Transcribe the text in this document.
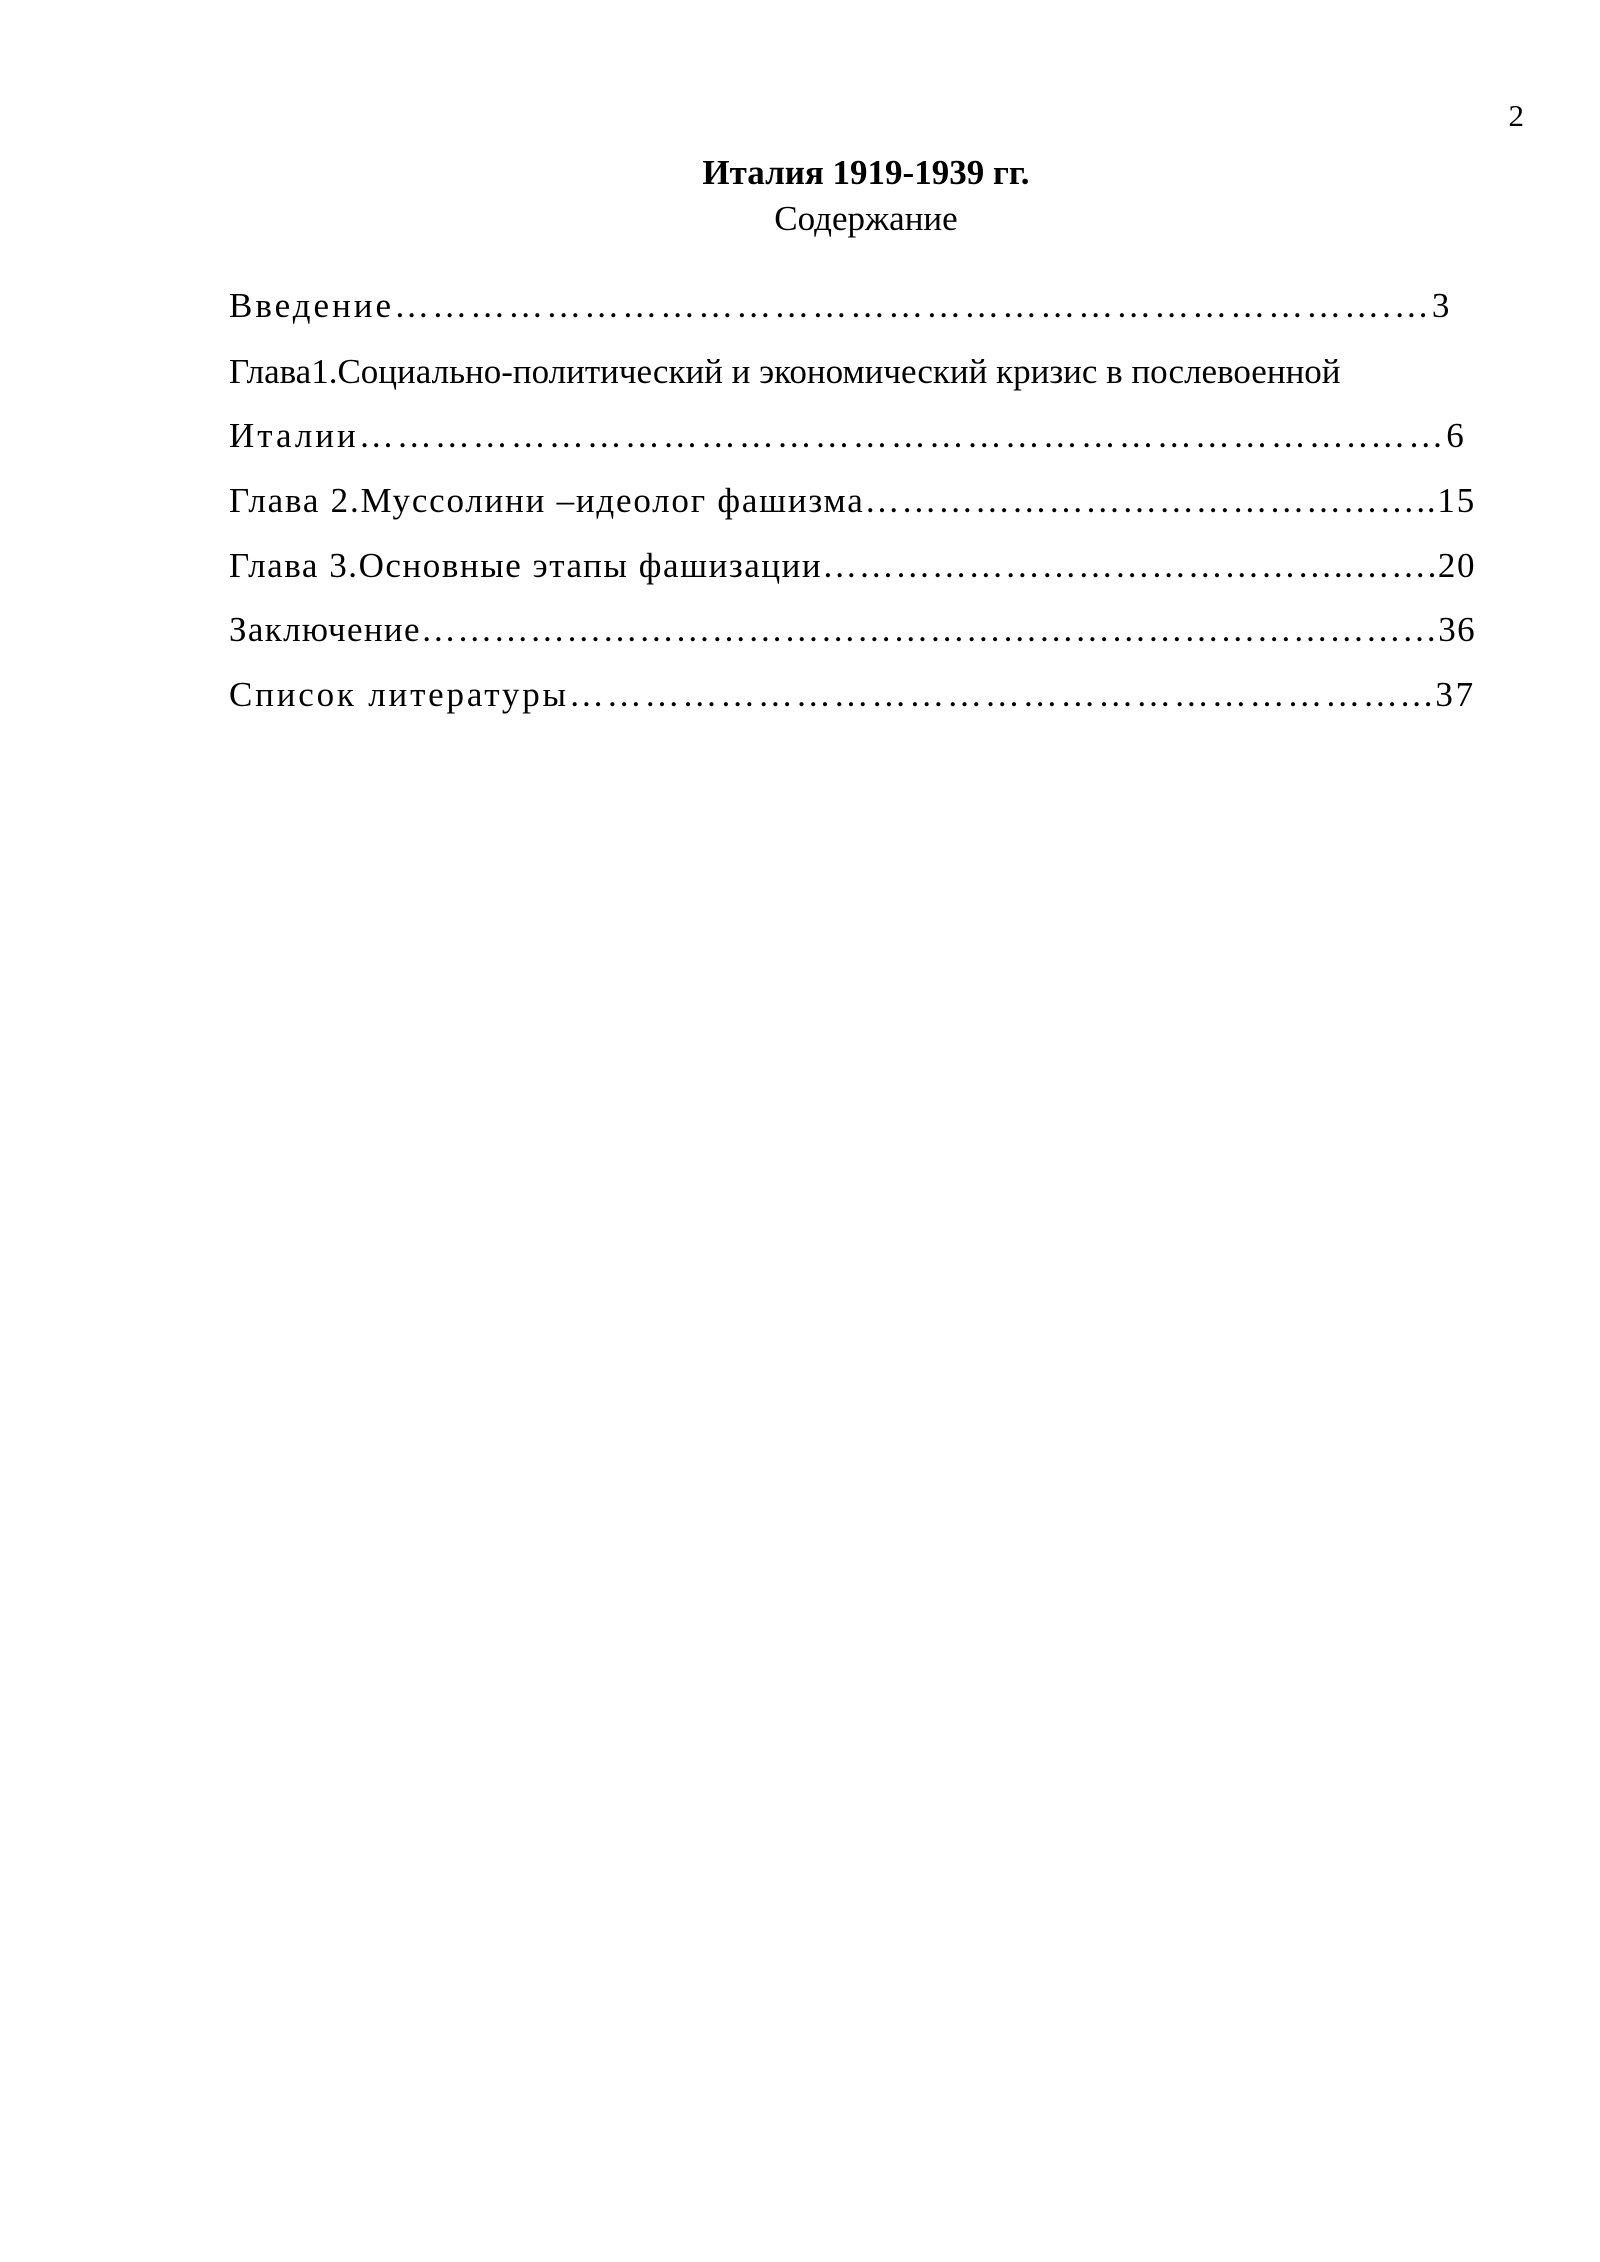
2
Италия 1919-1939 гг.
Содержание
Введение…………………………………………………………………….…3
Глава1.Социально-политический и экономический кризис в послевоенной
Италии……………………………………………………………………..……6
Глава 2.Муссолини –идеолог фашизма………………………………………..15
Глава 3.Основные этапы фашизации……………………………………..…….20
Заключение…………………………………………………………………………36
Список литературы…………………………………………………………...37
